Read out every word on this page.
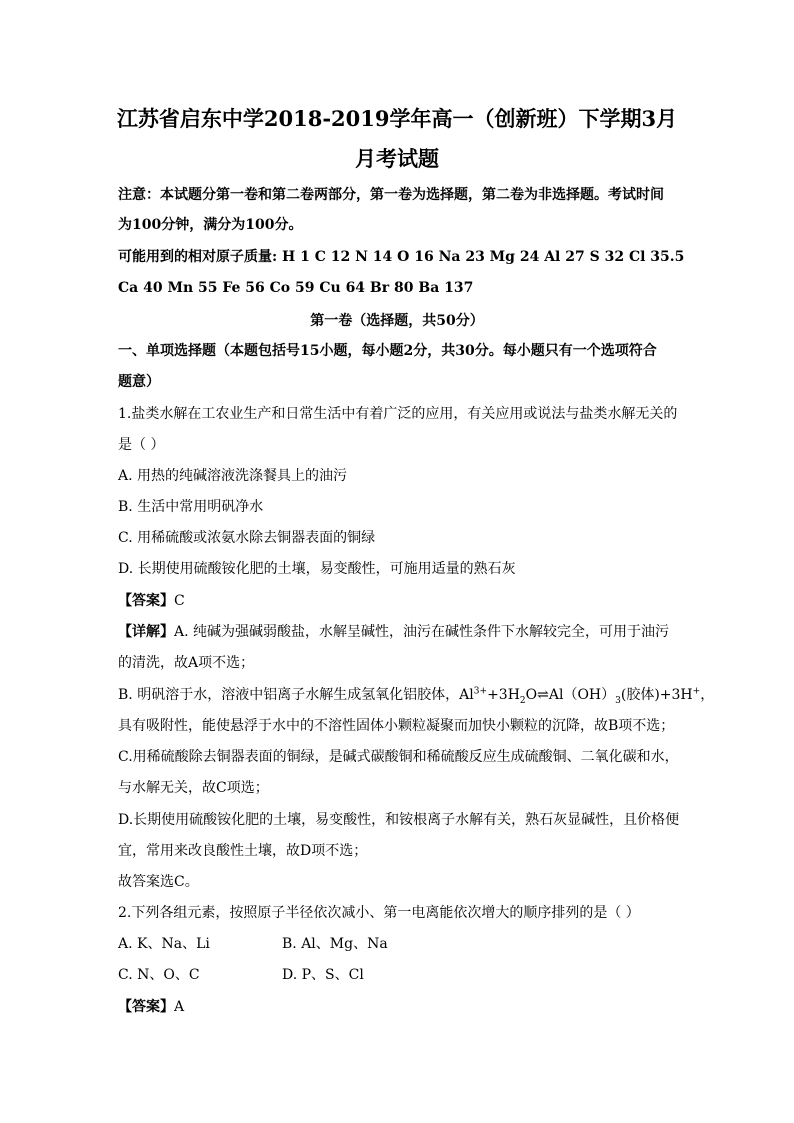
江苏省启东中学2018-2019学年高一（创新班）下学期3月
月考试题
注意：本试题分第一卷和第二卷两部分，第一卷为选择题，第二卷为非选择题。考试时间
为100分钟，满分为100分。
可能用到的相对原子质量: H 1 C 12 N 14 O 16 Na 23 Mg 24 Al 27 S 32 Cl 35.5
Ca 40 Mn 55 Fe 56 Co 59 Cu 64 Br 80 Ba 137
第一卷（选择题，共50分）
一、单项选择题（本题包括号15小题，每小题2分，共30分。每小题只有一个选项符合
题意）
1.盐类水解在工农业生产和日常生活中有着广泛的应用，有关应用或说法与盐类水解无关的
是（ ）
A. 用热的纯碱溶液洗涤餐具上的油污
B. 生活中常用明矾净水
C. 用稀硫酸或浓氨水除去铜器表面的铜绿
D. 长期使用硫酸铵化肥的土壤，易变酸性，可施用适量的熟石灰
【答案】C
【详解】A. 纯碱为强碱弱酸盐，水解呈碱性，油污在碱性条件下水解较完全，可用于油污
的清洗，故A项不选；
B. 明矾溶于水，溶液中铝离子水解生成氢氧化铝胶体，$Al^{3+}+3H_2O\rightleftharpoons Al(OH)_3$(胶体)+3H+，
具有吸附性，能使悬浮于水中的不溶性固体小颗粒凝聚而加快小颗粒的沉降，故B项不选；
C.用稀硫酸除去铜器表面的铜绿，是碱式碳酸铜和稀硫酸反应生成硫酸铜、二氧化碳和水，
与水解无关，故C项选；
D.长期使用硫酸铵化肥的土壤，易变酸性，和铵根离子水解有关，熟石灰显碱性，且价格便
宜，常用来改良酸性土壤，故D项不选；
故答案选C。
2.下列各组元素，按照原子半径依次减小、第一电离能依次增大的顺序排列的是（ ）
A. K、Na、Li	B. Al、Mg、Na
C. N、O、C	D. P、S、Cl
【答案】A
